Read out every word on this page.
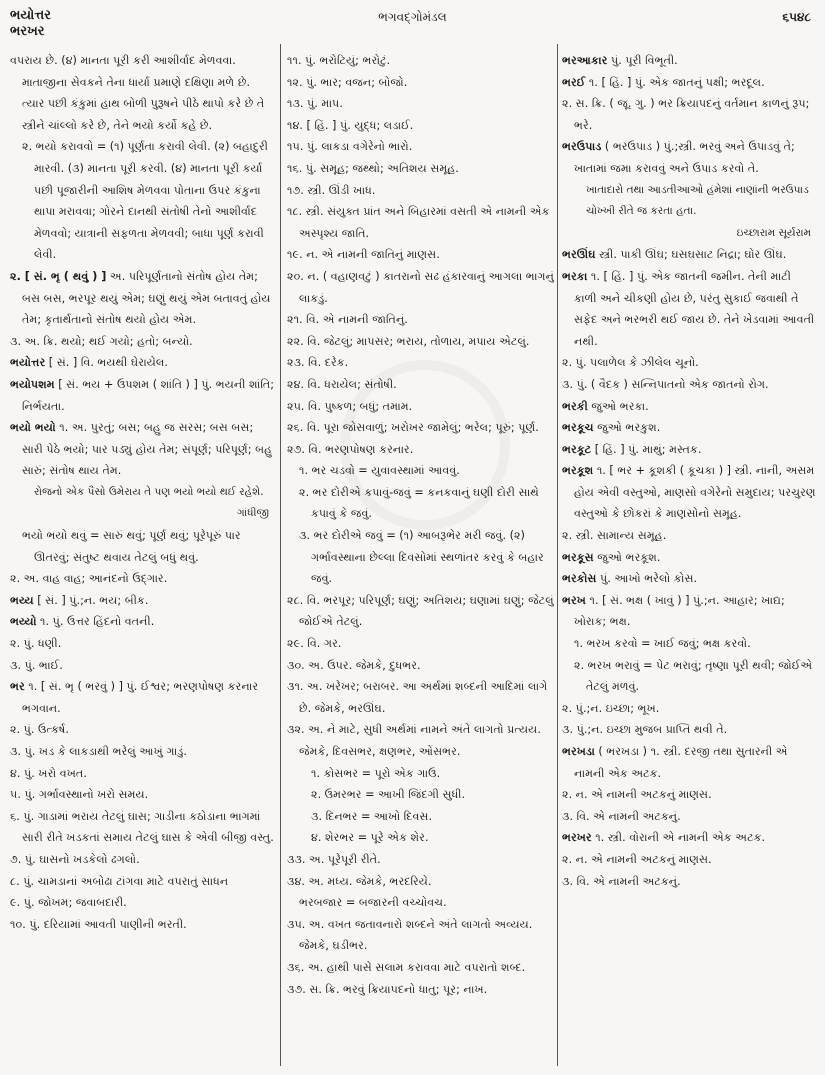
ભયોત્તર
ભરખર
ભગવદ્ગોમંડલ	૬૫૪૮

વપરાય છે. (૪) માનતા પૂરી કરી આશીર્વાદ મેળવવા. માતાજીના સેવકને તેના ધાર્યા પ્રમાણે દક્ષિણા મળે છે. ત્યાર પછી કંકુમાં હાથ બોળી પુરૂષને પીઠે થાપો કરે છે તે સ્ત્રીને ચાંલ્લો કરે છે, તેને ભયો કર્યો કહે છે.

૨. ભયો કરાવવો = (૧) પૂર્ણતા કરાવી લેવી. (૨) બહાદુરી મારવી. (૩) માનતા પૂરી કરવી. (૪) માનતા પૂરી કર્યા પછી પૂજારીની આશિષ મેળવવા પોતાના ઉપર કંકુના થાપા મરાવવા; ગોરને દાનથી સંતોષી તેનો આશીર્વાદ મેળવવો; યાત્રાની સફળતા મેળવવી; બાધા પૂર્ણ કરાવી લેવી.

૨. [ સં. ભૃ ( થવું ) ] અ. પરિપૂર્ણતાનો સંતોષ હોય તેમ; બસ બસ, ભરપૂર થયું એમ; ઘણું થયું એમ બતાવતું હોય તેમ; કૃતાર્થતાનો સંતોષ થયો હોય એમ.

૩. અ. ક્રિ. થયો; થઈ ગયો; હતો; બન્યો.

ભયોત્તર [ સં. ] વિ. ભયથી ઘેરાયેલ.

ભયોપશમ [ સં. ભય + ઉપશમ ( શાંતિ ) ] પું. ભયની શાંતિ; નિર્ભયતા.

ભયો ભયો ૧. અ. પુરતું; બસ; બહુ જ સરસ; બસ બસ; સારી પેઠે ભયો; પાર પડ્યું હોય તેમ; સંપૂર્ણ; પરિપૂર્ણ; બહુ સારું; સંતોષ થાય તેમ.

રોજનો એક પૈસો ઉમેરાય તે પણ ભયો ભયો થઈ રહેશે.

ગાંધીજી

ભયો ભયો થવું = સારું થવું; પૂર્ણ થવું; પૂરેપૂરું પાર ઊતરવું; સંતુષ્ટ થવાય તેટલું બધું થવું.

૨. અ. વાહ વાહ; આનંદનો ઉદ્ગાર.

ભય્ય [ સં. ] પું.;ન. ભય; બીક.

ભય્યો ૧. પું. ઉત્તર હિંદનો વતની.

૨. પું. ધણી.

૩. પું. ભાઈ.

ભર ૧. [ સં. ભૃ ( ભરવું ) ] પું. ઈશ્વર; ભરણપોષણ કરનાર ભગવાન.

૨. પું. ઉત્કર્ષ.

૩. પું. ખડ કે લાકડાથી ભરેલું આખું ગાડું.

૪. પું. ખરો વખત.

૫. પું. ગર્ભાવસ્થાનો ખરો સમય.

૬. પું. ગાડામાં ભરાય તેટલું ઘાસ; ગાડીના કઠોડાના ભાગમાં સારી રીતે ખડકતાં સમાય તેટલું ઘાસ કે એવી બીજી વસ્તુ.

૭. પું. ઘાસનો ખડકેલો ઢગલો.

૮. પું. ચામડાનાં અબોઢા ટાંગવા માટે વપરાતું સાધન

૯. પું. જોખમ; જવાબદારી.

૧૦. પું. દરિયામાં આવતી પાણીની ભરતી.

૧૧. પું. ભરોટિયું; ભરોટું.

૧૨. પું. ભાર; વજન; બોજો.

૧૩. પું. માપ.

૧૪. [ હિં. ] પું. યુદ્ધ; લડાઈ.

૧૫. પું. લાકડા વગેરેનો ભારો.

૧૬. પું. સમૂહ; જથ્થો; અતિશય સમૂહ.

૧૭. સ્ત્રી. ઊંડી ખાધ.

૧૮. સ્ત્રી. સંયુક્ત પ્રાંત અને બિહારમાં વસતી એ નામની એક અસ્પૃશ્ય જાતિ.

૧૯. ન. એ નામની જાતિનું માણસ.

૨૦. ન. ( વહાણવટું ) કાતરાનો સઢ હંકારવાનું આગલા ભાગનું લાકડું.

૨૧. વિ. એ નામની જાતિનું.

૨૨. વિ. જેટલું; માપસર; ભરાય, તોળાય, મપાય એટલું.

૨૩. વિ. દરેક.

૨૪. વિ. ધરાયેલ; સંતોષી.

૨૫. વિ. પુષ્કળ; બધું; તમામ.

૨૬. વિ. પૂરા જોસવાળું; ખરોખર જામેલું; ભરેલ; પૂરું; પૂર્ણ.

૨૭. વિ. ભરણપોષણ કરનાર.

૧. ભર ચડવો = યુવાવસ્થામાં આવવું.

૨. ભર દોરીએ કપાવું-જવું = કનકવાનું ઘણી દોરી સાથે કપાવું કે જવું.

૩. ભર દોરીએ જવું = (૧) આબરૂભેર મરી જવું. (૨) ગર્ભાવસ્થાના છેલ્લા દિવસોમાં સ્થળાંતર કરવું કે બહાર જવું.

૨૮. વિ. ભરપૂર; પરિપૂર્ણ; ઘણું; અતિશય; ઘણામાં ઘણું; જેટલું જોઈએ તેટલું.

૨૯. વિ. ગર.

૩૦. અ. ઉપર. જેમકે, દુધભર.

૩૧. અ. ખરેખર; બરાબર. આ અર્થમાં શબ્દની આદિમાં લાગે છે. જેમકે, ભરઊંઘ.

૩૨. અ. ને માટે, સુધી અર્થમાં નામને અંતે લાગતો પ્રત્યય. જેમકે, દિવસભર, ક્ષણભર, ઓંસભર.

૧. કોસભર = પૂરો એક ગાઉ.

૨. ઉમરભર = આખી જિંદગી સુધી.

૩. દિનભર = આખો દિવસ.

૪. શેરભર = પૂરે એક શેર.

૩૩. અ. પૂરેપૂરી રીતે.

૩૪. અ. મધ્ય. જેમકે, ભરદરિયે.

ભરબજાર = બજારની વચ્ચોવચ.

૩૫. અ. વખત જતાવનારો શબ્દને અંતે લાગતો અવ્યય. જેમકે, ઘડીભર.

૩૬. અ. હાથી પાસે સલામ કરાવવા માટે વપરાતો શબ્દ.

૩૭. સ. ક્રિ. ભરવું ક્રિયાપદનો ધાતુ; પૂર; નાખ.

ભરઆકાર પું. પૂરી વિભૂતી.

ભરઈ ૧. [ હિં. ] પું. એક જાતનું પક્ષી; ભરદૂલ.

૨. સ. ક્રિ. ( જૂ. ગુ. ) ભર ક્રિયાપદનું વર્તમાન કાળનું રૂપ; ભરે.

ભરઉપાડ ( ભરઉપાડ ) પું.;સ્ત્રી. ભરવું અને ઉપાડવું તે; ખાતામાં જમા કરાવવું અને ઉપાડ કરવો તે.

ખાતાદારો તથા આડતીઆઓ હંમેશાં નાણાંની ભરઉપાડ ચોખ્ખી રીતે જ કરતા હતા.

ઇચ્છારામ સૂર્યરામ

ભરઊંઘ સ્ત્રી. પાકી ઊંઘ; ઘસઘસાટ નિદ્રા; ઘોર ઊંઘ.

ભરકા ૧. [ હિં. ] પું. એક જાતની જમીન. તેની માટી કાળી અને ચીકણી હોય છે, પરંતુ સુકાઈ જવાથી તે સફેદ અને ભરભરી થઈ જાય છે. તેને ખેડવામાં આવતી નથી.

૨. પું. પલાળેલ કે ઝીલેલ ચૂનો.

૩. પું. ( વૈદક ) સન્નિપાતનો એક જાતનો રોગ.

ભરકી જુઓ ભરકા.

ભરકૂચ જુઓ ભરકુશ.

ભરકૂટ [ હિં. ] પું. માથું; મસ્તક.

ભરકૂશ ૧. [ ભર + કૂશકી ( કૂચકા ) ] સ્ત્રી. નાની, અસમ હોય એવી વસ્તુઓ, માણસો વગેરેનો સમુદાય; પરચુરણ વસ્તુઓ કે છોકરાં કે માણસોનો સમૂહ.

૨. સ્ત્રી. સામાન્ય સમૂહ.

ભરકૂસ જુઓ ભરકૂશ.

ભરકોસ પું. આખો ભરેલો કોસ.

ભરખ ૧. [ સં. ભક્ષ ( ખાવું ) ] પું.;ન. આહાર; ખાદ્ય; ખોરાક; ભક્ષ.

૧. ભરખ કરવો = ખાઈ જવું; ભક્ષ કરવો.

૨. ભરખ ભરાવું = પેટ ભરાવું; તૃષ્ણા પૂરી થવી; જોઈએ તેટલું મળવું.

૨. પું.;ન. ઇચ્છા; ભૂખ.

૩. પું.;ન. ઇચ્છા મુજબ પ્રાપ્તિ થવી તે.

ભરખડા ( ભરખડા ) ૧. સ્ત્રી. દરજી તથા સુતારની એ નામની એક અટક.

૨. ન. એ નામની અટકનું માણસ.

૩. વિ. એ નામની અટકનું.

ભરખર ૧. સ્ત્રી. વોરાની એ નામની એક અટક.

૨. ન. એ નામની અટકનું માણસ.

૩. વિ. એ નામની અટકનું.
